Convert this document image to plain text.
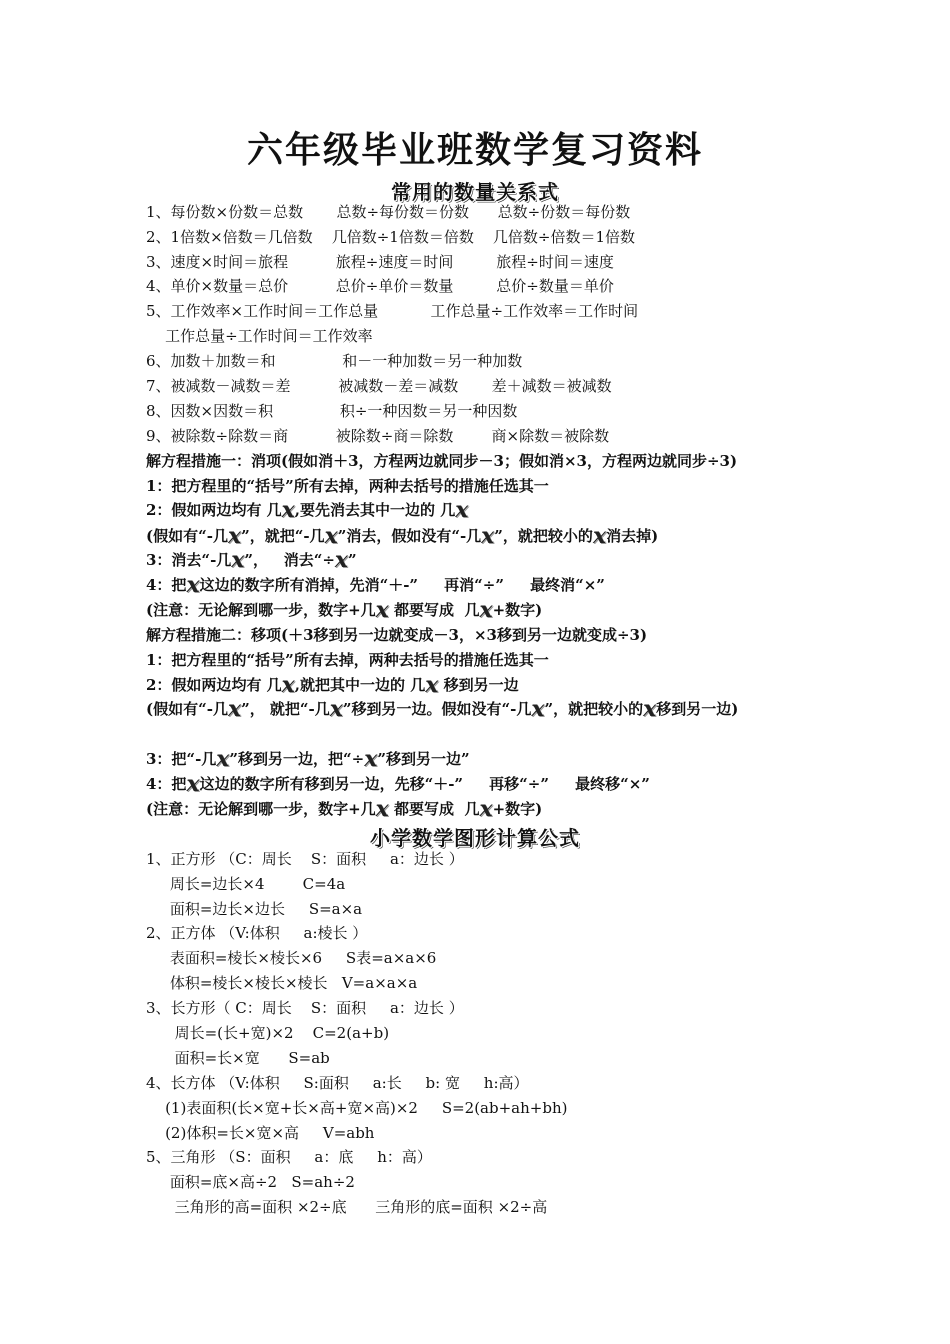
六年级毕业班数学复习资料
常用的数量关系式
1、每份数×份数＝总数       总数÷每份数＝份数      总数÷份数＝每份数
2、1倍数×倍数＝几倍数    几倍数÷1倍数＝倍数    几倍数÷倍数＝1倍数
3、速度×时间＝旅程          旅程÷速度＝时间         旅程÷时间＝速度
4、单价×数量＝总价          总价÷单价＝数量         总价÷数量＝单价
5、工作效率×工作时间＝工作总量           工作总量÷工作效率＝工作时间
工作总量÷工作时间＝工作效率
6、加数＋加数＝和              和－一种加数＝另一种加数
7、被减数－减数＝差          被减数－差＝减数       差＋减数＝被减数
8、因数×因数＝积              积÷一种因数＝另一种因数
9、被除数÷除数＝商          被除数÷商＝除数        商×除数＝被除数
解方程措施一：消项(假如消＋3，方程两边就同步－3；假如消×3，方程两边就同步÷3)
1：把方程里的“括号”所有去掉，两种去括号的措施任选其一
2：假如两边均有 几x,要先消去其中一边的 几x
(假如有“-几x”，就把“-几x”消去，假如没有“-几x”，就把较小的x消去掉)
3：消去“-几x”，   消去“÷x”
4：把x这边的数字所有消掉，先消“＋-”     再消“÷”     最终消“×”
(注意：无论解到哪一步，数字+几x 都要写成  几x+数字)
解方程措施二：移项(＋3移到另一边就变成－3，×3移到另一边就变成÷3)
1：把方程里的“括号”所有去掉，两种去括号的措施任选其一
2：假如两边均有 几x,就把其中一边的 几x 移到另一边
(假如有“-几x”， 就把“-几x”移到另一边。假如没有“-几x”，就把较小的x移到另一边)
3：把“-几x”移到另一边，把“÷x”移到另一边”
4：把x这边的数字所有移到另一边，先移“＋-”     再移“÷”     最终移“×”
(注意：无论解到哪一步，数字+几x 都要写成  几x+数字)
小学数学图形计算公式
1、正方形 （C：周长    S：面积     a：边长 ）
周长=边长×4        C=4a
面积=边长×边长     S=a×a
2、正方体 （V:体积     a:棱长 ）
表面积=棱长×棱长×6     S表=a×a×6
体积=棱长×棱长×棱长   V=a×a×a
3、长方形（ C：周长    S：面积     a：边长 ）
周长=(长+宽)×2    C=2(a+b)
面积=长×宽      S=ab
4、长方体 （V:体积     S:面积     a:长     b: 宽     h:高）
(1)表面积(长×宽+长×高+宽×高)×2     S=2(ab+ah+bh)
(2)体积=长×宽×高     V=abh
5、三角形 （S：面积     a：底     h：高）
面积=底×高÷2   S=ah÷2
三角形的高=面积 ×2÷底      三角形的底=面积 ×2÷高
